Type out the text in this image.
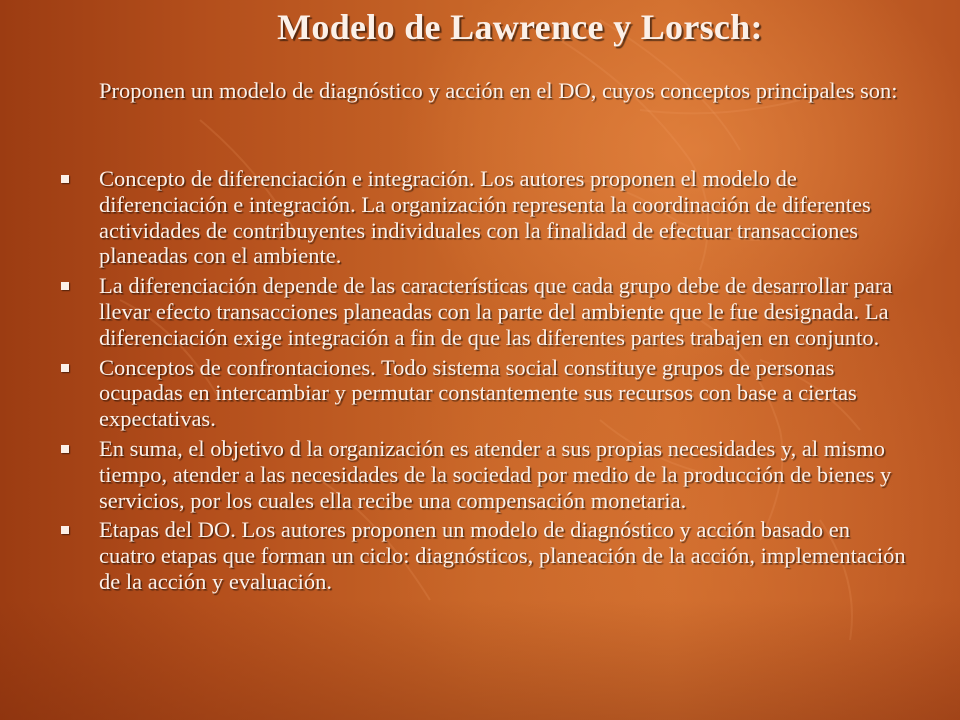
Modelo de Lawrence y Lorsch:
Proponen un modelo de diagnóstico y acción en el DO, cuyos conceptos principales son:
Concepto de diferenciación e integración. Los autores proponen el modelo de diferenciación e integración. La organización representa la coordinación de diferentes actividades de contribuyentes individuales con la finalidad de efectuar transacciones planeadas con el ambiente.
La diferenciación depende de las características que cada grupo debe de desarrollar para llevar efecto transacciones planeadas con la parte del ambiente que le fue designada. La diferenciación exige integración a fin de que las diferentes partes trabajen en conjunto.
Conceptos de confrontaciones. Todo sistema social constituye grupos de personas ocupadas en intercambiar y permutar constantemente sus recursos con base a ciertas expectativas.
En suma, el objetivo d la organización es atender a sus propias necesidades y, al mismo tiempo, atender a las necesidades de la sociedad por medio de la producción de bienes y servicios, por los cuales ella recibe una compensación monetaria.
Etapas del DO. Los autores proponen un modelo de diagnóstico y acción basado en cuatro etapas que forman un ciclo: diagnósticos, planeación de la acción, implementación de la acción y evaluación.
